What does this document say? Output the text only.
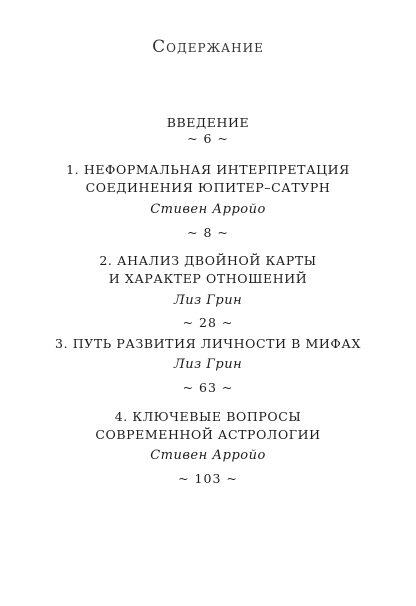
Содержание
ВВЕДЕНИЕ
~ 6 ~
1. НЕФОРМАЛЬНАЯ ИНТЕРПРЕТАЦИЯ
СОЕДИНЕНИЯ ЮПИТЕР–САТУРН
Стивен Арройо
~ 8 ~
2. АНАЛИЗ ДВОЙНОЙ КАРТЫ
И ХАРАКТЕР ОТНОШЕНИЙ
Лиз Грин
~ 28 ~
3. ПУТЬ РАЗВИТИЯ ЛИЧНОСТИ В МИФАХ
Лиз Грин
~ 63 ~
4. КЛЮЧЕВЫЕ ВОПРОСЫ
СОВРЕМЕННОЙ АСТРОЛОГИИ
Стивен Арройо
~ 103 ~
